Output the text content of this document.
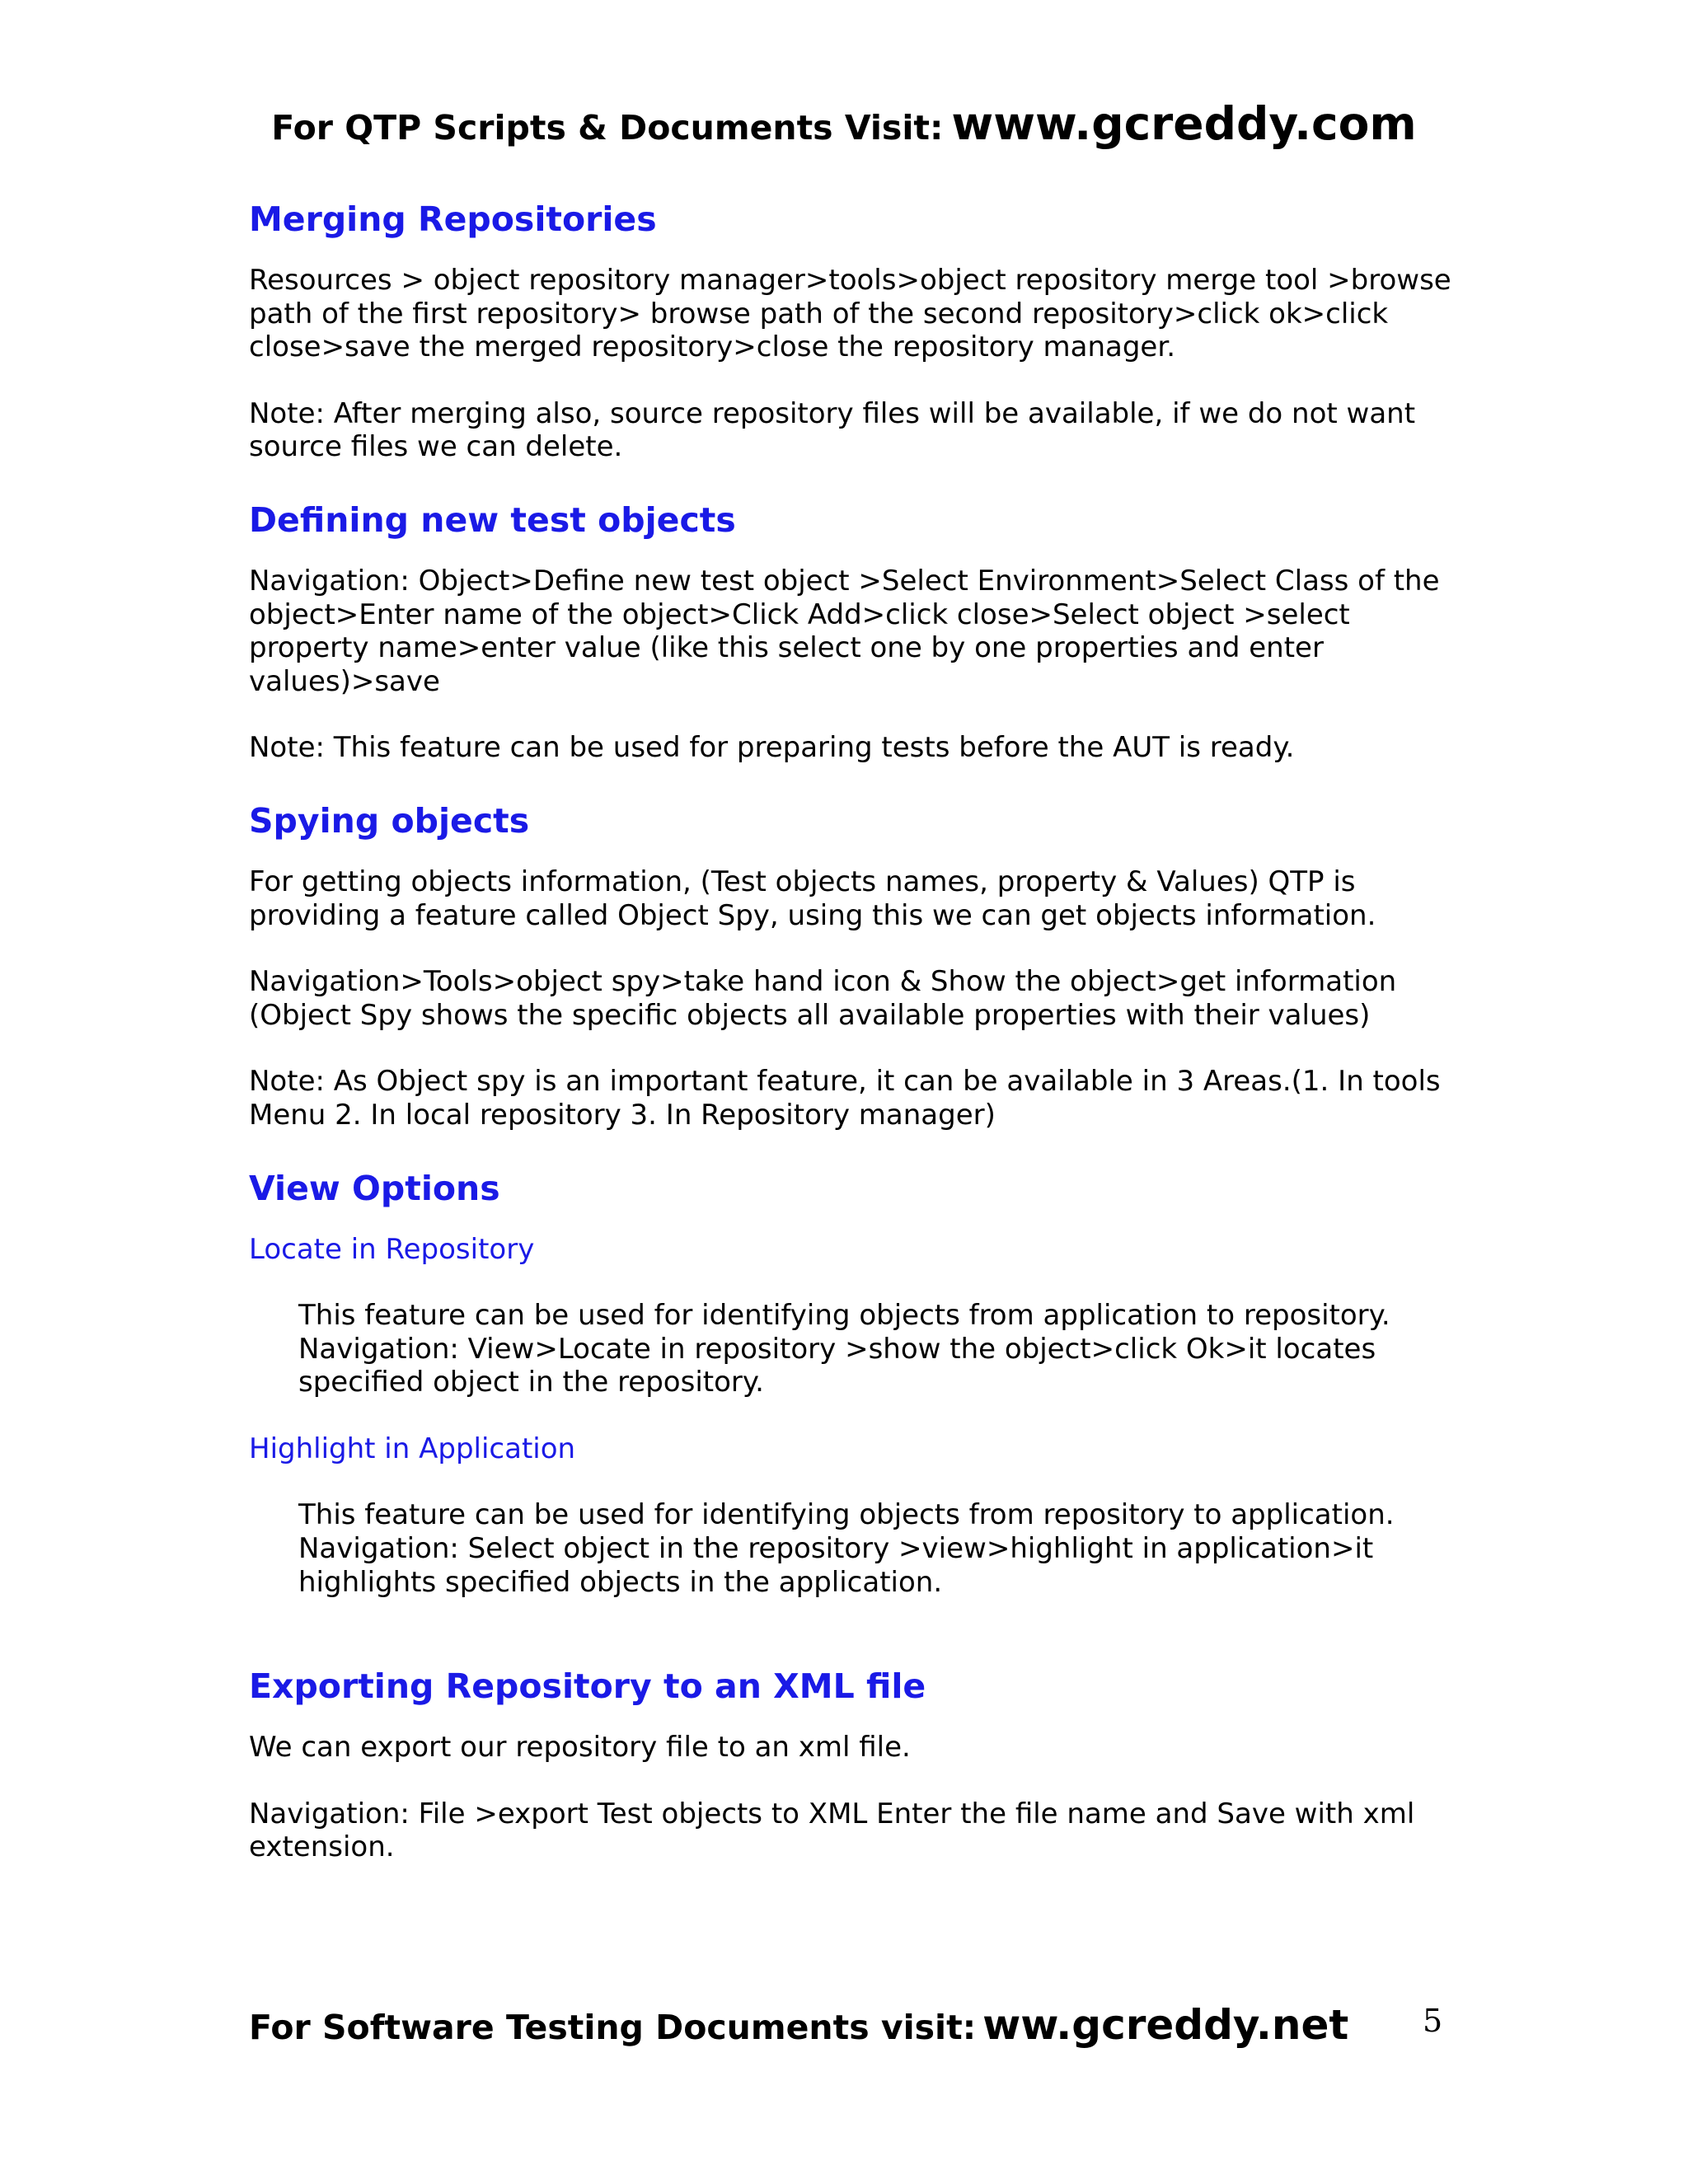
For QTP Scripts & Documents Visit: www.gcreddy.com
Merging Repositories

Resources > object repository manager>tools>object repository merge tool >browse path of the first repository> browse path of the second repository>click ok>click close>save the merged repository>close the repository manager.

Note: After merging also, source repository files will be available, if we do not want source files we can delete.

Defining new test objects

Navigation: Object>Define new test object >Select Environment>Select Class of the object>Enter name of the object>Click Add>click close>Select object >select property name>enter value (like this select one by one properties and enter values)>save

Note: This feature can be used for preparing tests before the AUT is ready.

Spying objects

For getting objects information, (Test objects names, property & Values) QTP is providing a feature called Object Spy, using this we can get objects information.

Navigation>Tools>object spy>take hand icon & Show the object>get information (Object Spy shows the specific objects all available properties with their values)

Note: As Object spy is an important feature, it can be available in 3 Areas.(1. In tools Menu 2. In local repository 3. In Repository manager)

View Options

Locate in Repository

This feature can be used for identifying objects from application to repository.

Navigation: View>Locate in repository >show the object>click Ok>it locates specified object in the repository.

Highlight in Application

This feature can be used for identifying objects from repository to application.

Navigation: Select object in the repository >view>highlight in application>it highlights specified objects in the application.

Exporting Repository to an XML file

We can export our repository file to an xml file.

Navigation: File >export Test objects to XML Enter the file name and Save with xml extension.

For Software Testing Documents visit: ww.gcreddy.net 5
